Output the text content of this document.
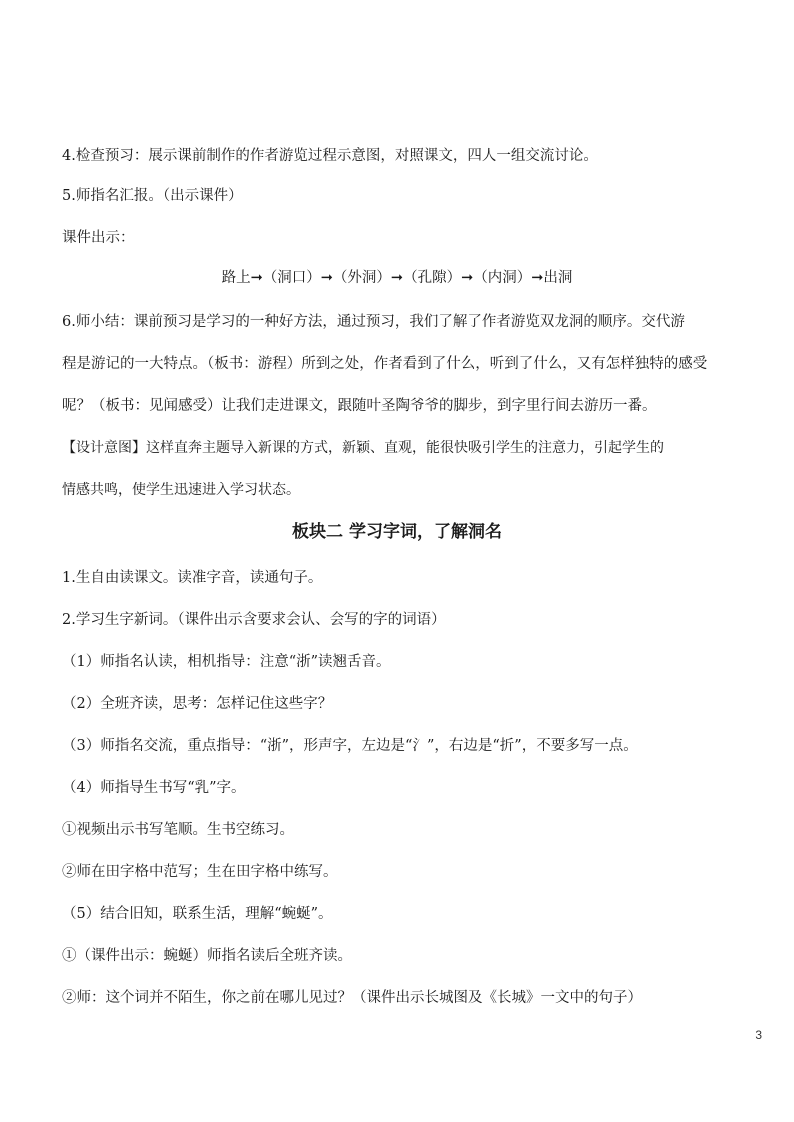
4.检查预习：展示课前制作的作者游览过程示意图，对照课文，四人一组交流讨论。
5.师指名汇报。（出示课件）
课件出示：
路上➞（洞口）➞（外洞）➞（孔隙）➞（内洞）➞出洞
6.师小结：课前预习是学习的一种好方法，通过预习，我们了解了作者游览双龙洞的顺序。交代游
程是游记的一大特点。（板书：游程）所到之处，作者看到了什么，听到了什么，又有怎样独特的感受
呢？（板书：见闻感受）让我们走进课文，跟随叶圣陶爷爷的脚步，到字里行间去游历一番。
【设计意图】这样直奔主题导入新课的方式，新颖、直观，能很快吸引学生的注意力，引起学生的
情感共鸣，使学生迅速进入学习状态。
板块二 学习字词，了解洞名
1.生自由读课文。读准字音，读通句子。
2.学习生字新词。（课件出示含要求会认、会写的字的词语）
（1）师指名认读，相机指导：注意“浙”读翘舌音。
（2）全班齐读，思考：怎样记住这些字？
（3）师指名交流，重点指导：“浙”，形声字，左边是“氵”，右边是“折”，不要多写一点。
（4）师指导生书写“乳”字。
①视频出示书写笔顺。生书空练习。
②师在田字格中范写；生在田字格中练写。
（5）结合旧知，联系生活，理解“蜿蜒”。
①（课件出示：蜿蜒）师指名读后全班齐读。
②师：这个词并不陌生，你之前在哪儿见过？（课件出示长城图及《长城》一文中的句子）
3
